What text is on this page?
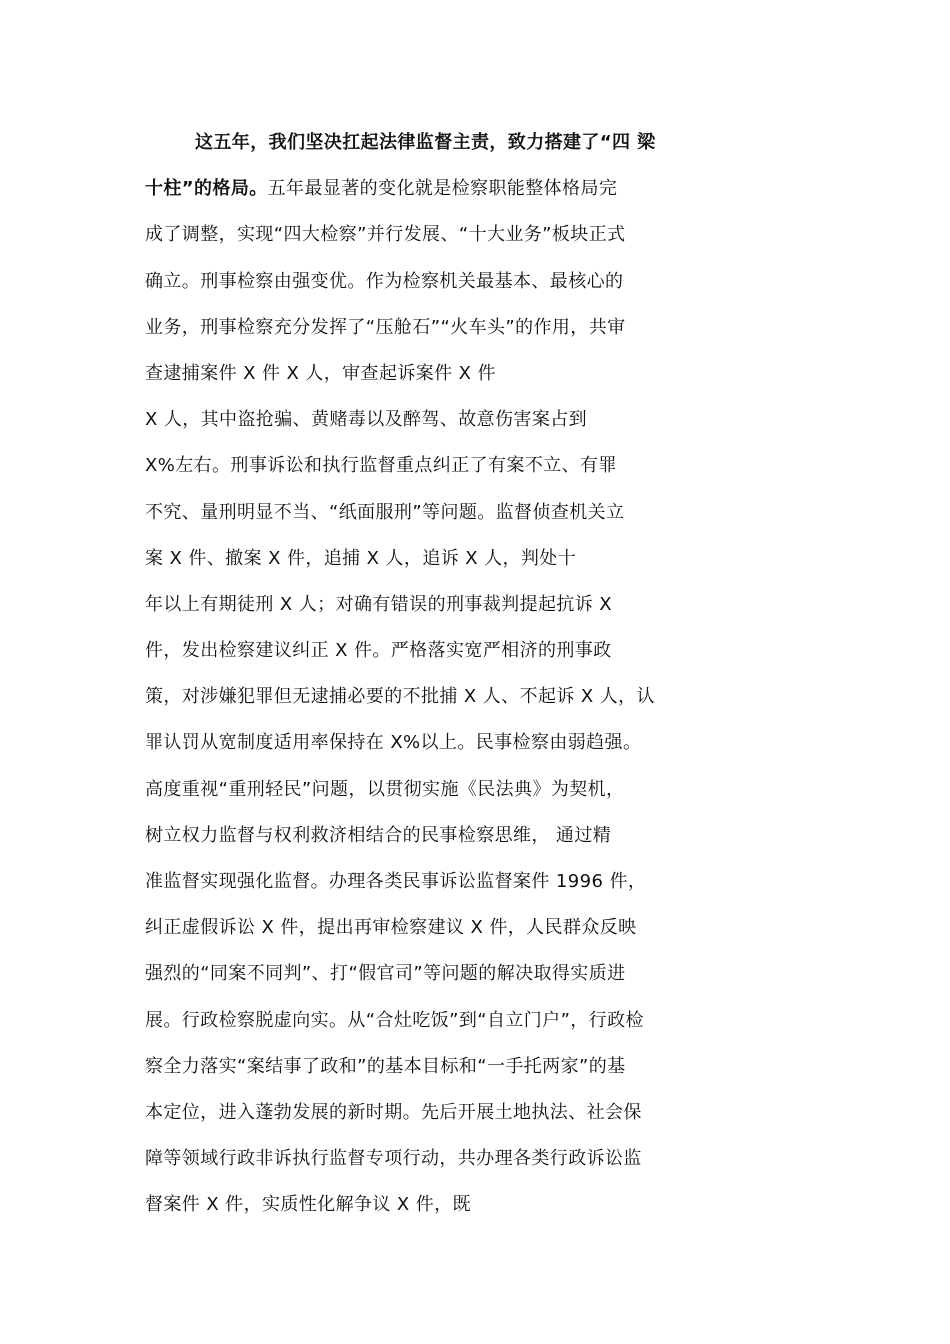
这五年，我们坚决扛起法律监督主责，致力搭建了“四 梁
十柱”的格局。五年最显著的变化就是检察职能整体格局完
成了调整，实现“四大检察”并行发展、“十大业务”板块正式
确立。刑事检察由强变优。作为检察机关最基本、最核心的
业务，刑事检察充分发挥了“压舱石”“火车头”的作用，共审
查逮捕案件 X 件 X 人，审查起诉案件 X 件
X 人，其中盗抢骗、黄赌毒以及醉驾、故意伤害案占到
X%左右。刑事诉讼和执行监督重点纠正了有案不立、有罪
不究、量刑明显不当、“纸面服刑”等问题。监督侦查机关立
案 X 件、撤案 X 件，追捕 X 人，追诉 X 人，判处十
年以上有期徒刑 X 人；对确有错误的刑事裁判提起抗诉 X
件，发出检察建议纠正 X 件。严格落实宽严相济的刑事政
策，对涉嫌犯罪但无逮捕必要的不批捕 X 人、不起诉 X 人，认
罪认罚从宽制度适用率保持在 X%以上。民事检察由弱趋强。
高度重视“重刑轻民”问题，以贯彻实施《民法典》为契机，
树立权力监督与权利救济相结合的民事检察思维， 通过精
准监督实现强化监督。办理各类民事诉讼监督案件 1996 件，
纠正虚假诉讼 X 件，提出再审检察建议 X 件，人民群众反映
强烈的“同案不同判”、打“假官司”等问题的解决取得实质进
展。行政检察脱虚向实。从“合灶吃饭”到“自立门户”，行政检
察全力落实“案结事了政和”的基本目标和“一手托两家”的基
本定位，进入蓬勃发展的新时期。先后开展土地执法、社会保
障等领域行政非诉执行监督专项行动，共办理各类行政诉讼监
督案件 X 件，实质性化解争议 X 件，既
